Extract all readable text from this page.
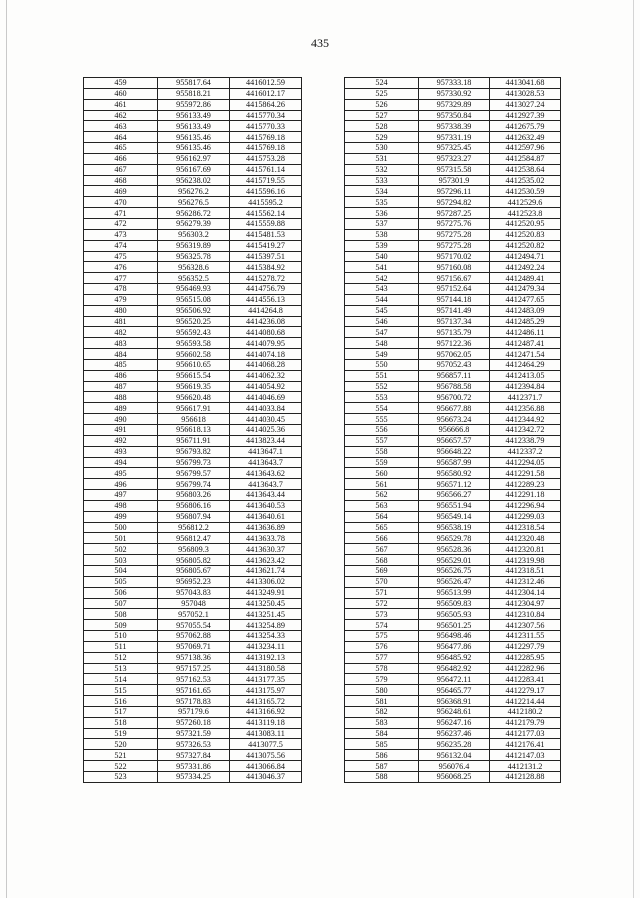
435
459	955817.64	4416012.59
460	955818.21	4416012.17
461	955972.86	4415864.26
462	956133.49	4415770.34
463	956133.49	4415770.33
464	956135.46	4415769.18
465	956135.46	4415769.18
466	956162.97	4415753.28
467	956167.69	4415761.14
468	956238.02	4415719.55
469	956276.2	4415596.16
470	956276.5	4415595.2
471	956286.72	4415562.14
472	956279.39	4415559.88
473	956303.2	4415481.53
474	956319.89	4415419.27
475	956325.78	4415397.51
476	956328.6	4415384.92
477	956352.5	4415278.72
478	956469.93	4414756.79
479	956515.08	4414556.13
480	956506.92	4414264.8
481	956520.25	4414236.08
482	956592.43	4414080.68
483	956593.58	4414079.95
484	956602.58	4414074.18
485	956610.65	4414068.28
486	956615.54	4414062.32
487	956619.35	4414054.92
488	956620.48	4414046.69
489	956617.91	4414033.84
490	956618	4414030.45
491	956618.13	4414025.36
492	956711.91	4413823.44
493	956793.82	4413647.1
494	956799.73	4413643.7
495	956799.57	4413643.62
496	956799.74	4413643.7
497	956803.26	4413643.44
498	956806.16	4413640.53
499	956807.94	4413640.61
500	956812.2	4413636.89
501	956812.47	4413633.78
502	956809.3	4413630.37
503	956805.82	4413623.42
504	956805.67	4413621.74
505	956952.23	4413306.02
506	957043.83	4413249.91
507	957048	4413250.45
508	957052.1	4413251.45
509	957055.54	4413254.89
510	957062.88	4413254.33
511	957069.71	4413234.11
512	957138.36	4413192.13
513	957157.25	4413180.58
514	957162.53	4413177.35
515	957161.65	4413175.97
516	957178.83	4413165.72
517	957179.6	4413166.92
518	957260.18	4413119.18
519	957321.59	4413083.11
520	957326.53	4413077.5
521	957327.84	4413075.56
522	957331.86	4413066.84
523	957334.25	4413046.37
524	957333.18	4413041.68
525	957330.92	4413028.53
526	957329.89	4413027.24
527	957350.84	4412927.39
528	957338.39	4412675.79
529	957331.19	4412632.49
530	957325.45	4412597.96
531	957323.27	4412584.87
532	957315.58	4412538.64
533	957301.9	4412535.02
534	957296.11	4412530.59
535	957294.82	4412529.6
536	957287.25	4412523.8
537	957275.76	4412520.95
538	957275.28	4412520.83
539	957275.28	4412520.82
540	957170.02	4412494.71
541	957160.08	4412492.24
542	957156.67	4412489.41
543	957152.64	4412479.34
544	957144.18	4412477.65
545	957141.49	4412483.09
546	957137.34	4412485.29
547	957135.79	4412486.11
548	957122.36	4412487.41
549	957062.05	4412471.54
550	957052.43	4412464.29
551	956857.11	4412413.05
552	956788.58	4412394.84
553	956700.72	4412371.7
554	956677.88	4412356.88
555	956673.24	4412344.92
556	956666.8	4412342.72
557	956657.57	4412338.79
558	956648.22	4412337.2
559	956587.99	4412294.05
560	956580.92	4412291.58
561	956571.12	4412289.23
562	956566.27	4412291.18
563	956551.94	4412296.94
564	956549.14	4412299.03
565	956538.19	4412318.54
566	956529.78	4412320.48
567	956528.36	4412320.81
568	956529.01	4412319.98
569	956526.75	4412318.51
570	956526.47	4412312.46
571	956513.99	4412304.14
572	956509.83	4412304.97
573	956505.93	4412310.84
574	956501.25	4412307.56
575	956498.46	4412311.55
576	956477.86	4412297.79
577	956485.92	4412285.95
578	956482.92	4412282.96
579	956472.11	4412283.41
580	956465.77	4412279.17
581	956368.91	4412214.44
582	956248.61	4412180.2
583	956247.16	4412179.79
584	956237.46	4412177.03
585	956235.28	4412176.41
586	956132.04	4412147.03
587	956076.4	4412131.2
588	956068.25	4412128.88
